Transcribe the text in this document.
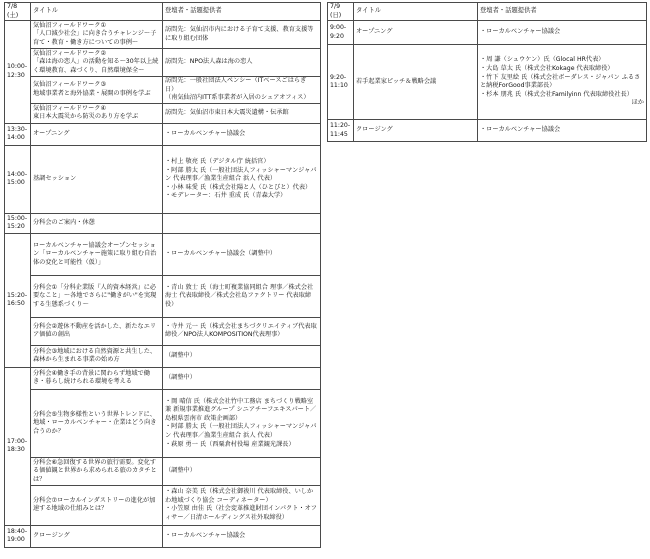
7/8(土)	タイトル	登壇者・話題提供者
10:00-
12:30	気仙沼フィールドワーク①
「人口減少社会」に向き合うチャレンジ～子育て・教育・働き方についての事例～	訪問先：気仙沼市内における子育て支援、教育支援等に取り組む団体

	気仙沼フィールドワーク②
「森は海の恋人」の活動を知る～30年以上続く環境教育、森づくり、自然環境保全～	訪問先：NPO法人森は海の恋人

	気仙沼フィールドワーク③
地域事業者と海外協業・展開の事例を学ぶ	訪問先：一般社団法人ペンシー（ITベースごはらぎ日）
（南気仙沼内ITT系事業者が入居のシェアオフィス）

	気仙沼フィールドワーク④
東日本大震災から防災のあり方を学ぶ	訪問先：気仙沼市東日本大震災遺構・伝承館

13:30-
14:00	オープニング	・ローカルベンチャー協議会
14:00-
15:00	基調セッション	・村上 敬亮 氏（デジタル庁 統括官）
・阿部 勝太 氏（一般社団法人フィッシャーマンジャパン 代表理事／漁業生産組合 浜人 代表）
・小林 味愛 氏（株式会社陽と人（ひとびと）代表）
・モデレーター：石井 重成 氏（青森大学）

15:00-
15:20	分科会のご案内・休憩	
15:20-
16:50	ローカルベンチャー協議会オープンセッション「ローカルベンチャー施策に取り組む自治体の変化と可能性（仮）」	・ローカルベンチャー協議会（調整中）
	分科会①「分科企業版『人的資本経営』に必要なこと」～各地でさらに"働きがい"を実現する生態系づくり～	・青山 敦士 氏（海士町複業協同組合 理事／株式会社海士 代表取締役／株式会社島ファクトリー 代表取締役）
	分科会②遊休不動産を活かした、新たなエリア価値の創出	・寺井 元一 氏（株式会社まちづクリエイティブ代表取締役／NPO法人KOMPOSITION代表理事）
	分科会③地域における自然資源と共生した、森林から生まれる事業の始め方	（調整中）
17:00-
18:30	分科会④働き手の背景に関わらず地域で働き・暮らし続けられる環境を考える	（調整中）
	分科会⑤生物多様性という世界トレンドに、地域・ローカルベンチャー・企業はどう向き合うのか？	・岡 晴信 氏（株式会社竹中工務店 まちづくり戦略室 兼 新規事業推進グループ シニアチーフエキスパート／島根県雲南市 政策企画部）
・阿部 勝太 氏（一般社団法人フィッシャーマンジャパン 代表理事／漁業生産組合 浜人 代表）
・萩原 勇一 氏（西粟倉村役場 産業観光課長）

	分科会⑥急回復する世界の旅行需要。変化する価値観と世界から求められる旅のカタチとは？	（調整中）
	分科会⑦ローカルインダストリーの進化が加速する地域の仕組みとは？	・森山 奈美 氏（株式会社御祓川 代表取締役、いしかわ地域づくり協会 コーディネーター）
・小笠原 由佳 氏（社会変革推進財団インパクト・オフィサー／日清ホールディングス社外取締役）

18:40-
19:00	クロージング	・ローカルベンチャー協議会
7/9(日)	タイトル	登壇者・話題提供者
9:00-
9:20	オープニング	・ローカルベンチャー協議会
9:20-
11:10	若手起業家ピッチ＆戦略会議	・周 謙（シュウケン）氏（Glocal HR代表）
・大島 草太 氏（株式会社Kokage 代表取締役）
・竹下 友里絵 氏（株式会社ボーダレス・ジャパン ふるさと納税ForGood事業部長）
・杉本 朋兆 氏（株式会社Familyinn 代表取締役社長）
ほか

11:20-
11:45	クロージング	・ローカルベンチャー協議会
